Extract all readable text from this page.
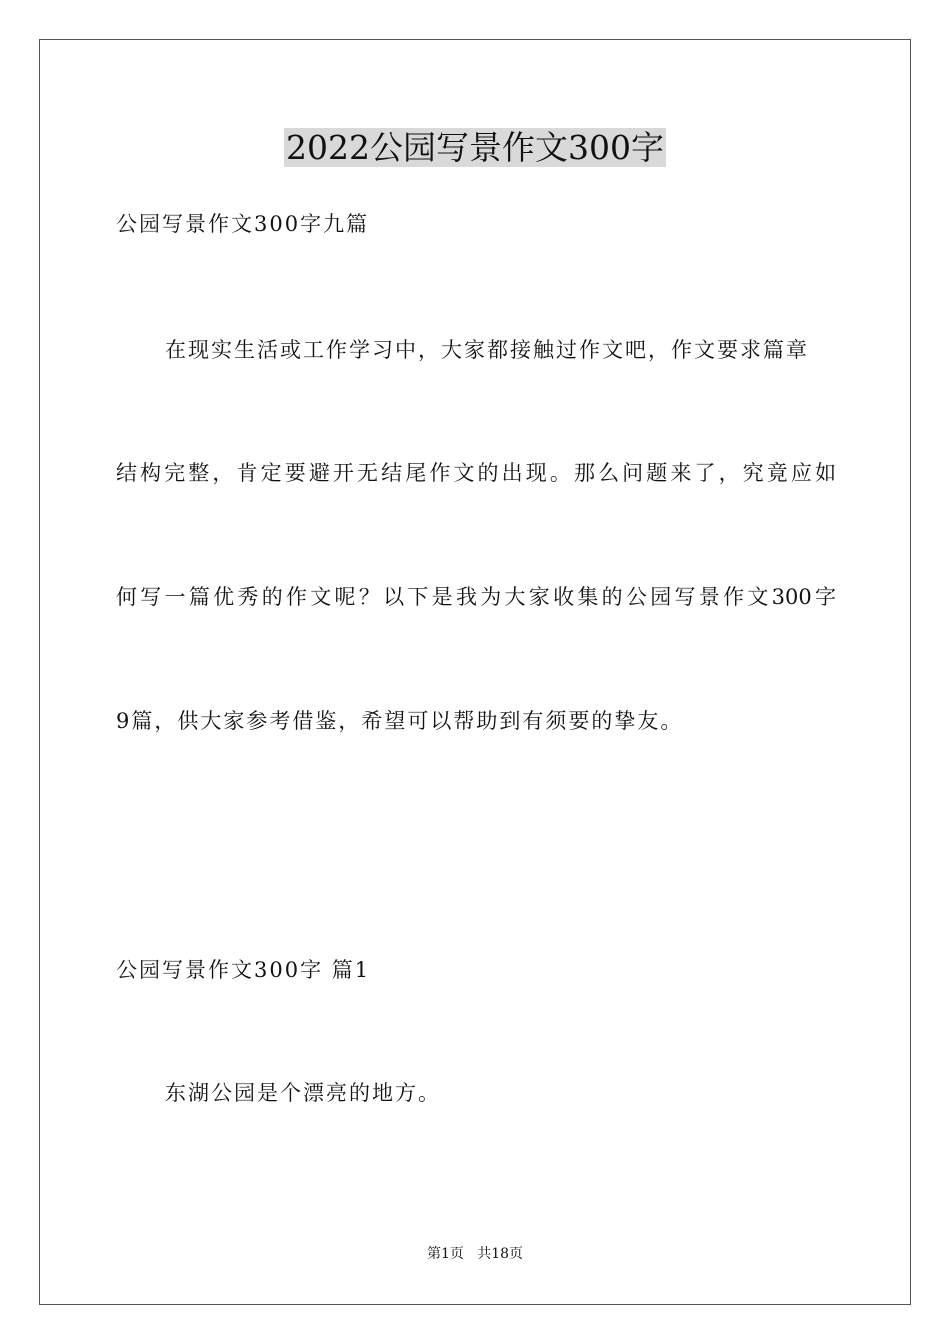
2022公园写景作文300字

公园写景作文300字九篇

在现实生活或工作学习中，大家都接触过作文吧，作文要求篇章

结构完整，肯定要避开无结尾作文的出现。那么问题来了，究竟应如

何写一篇优秀的作文呢？以下是我为大家收集的公园写景作文300字

9篇，供大家参考借鉴，希望可以帮助到有须要的挚友。

公园写景作文300字 篇1

东湖公园是个漂亮的地方。

第1页   共18页
